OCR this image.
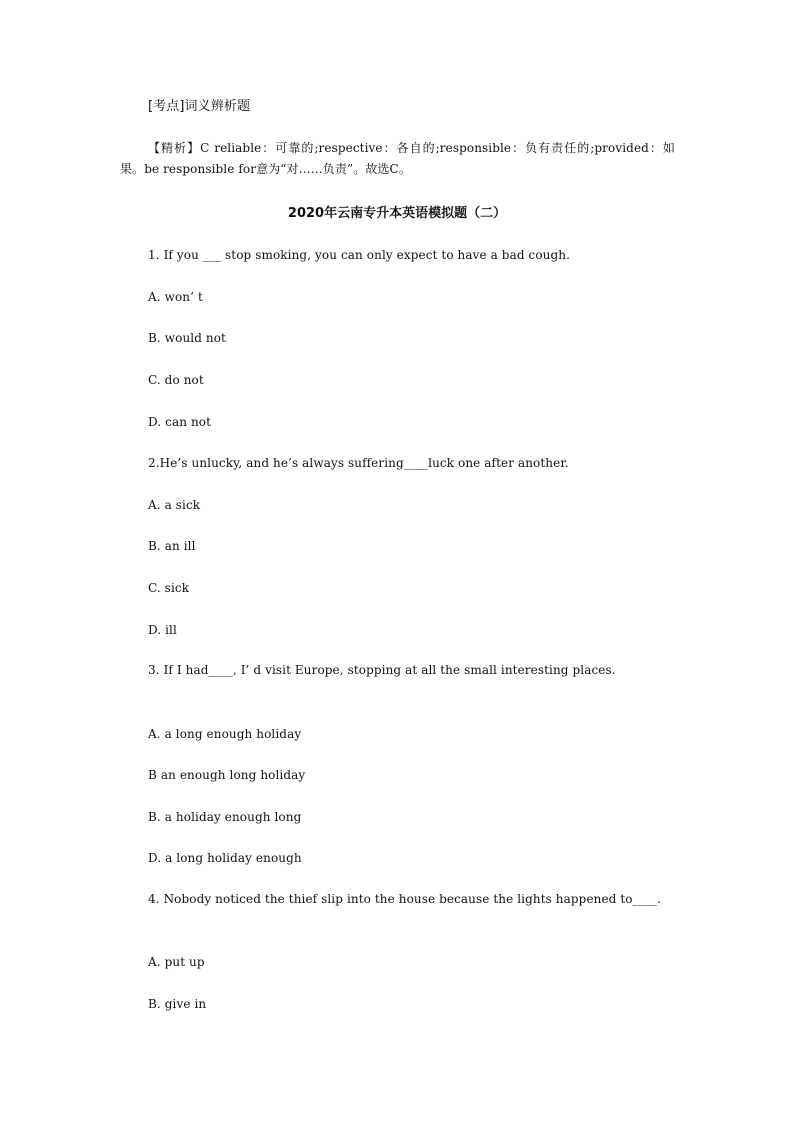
[考点]词义辨析题
【精析】C reliable：可靠的;respective：各自的;responsible：负有责任的;provided：如果。be responsible for意为“对……负责”。故选C。
2020年云南专升本英语模拟题（二）
1. If you ___ stop smoking, you can only expect to have a bad cough.
A. won’ t
B. would not
C. do not
D. can not
2.He’s unlucky, and he’s always suffering____luck one after another.
A. a sick
B. an ill
C. sick
D. ill
3. If I had____, I’ d visit Europe, stopping at all the small interesting places.
A. a long enough holiday
B an enough long holiday
B. a holiday enough long
D. a long holiday enough
4. Nobody noticed the thief slip into the house because the lights happened to____.
A. put up
B. give in
